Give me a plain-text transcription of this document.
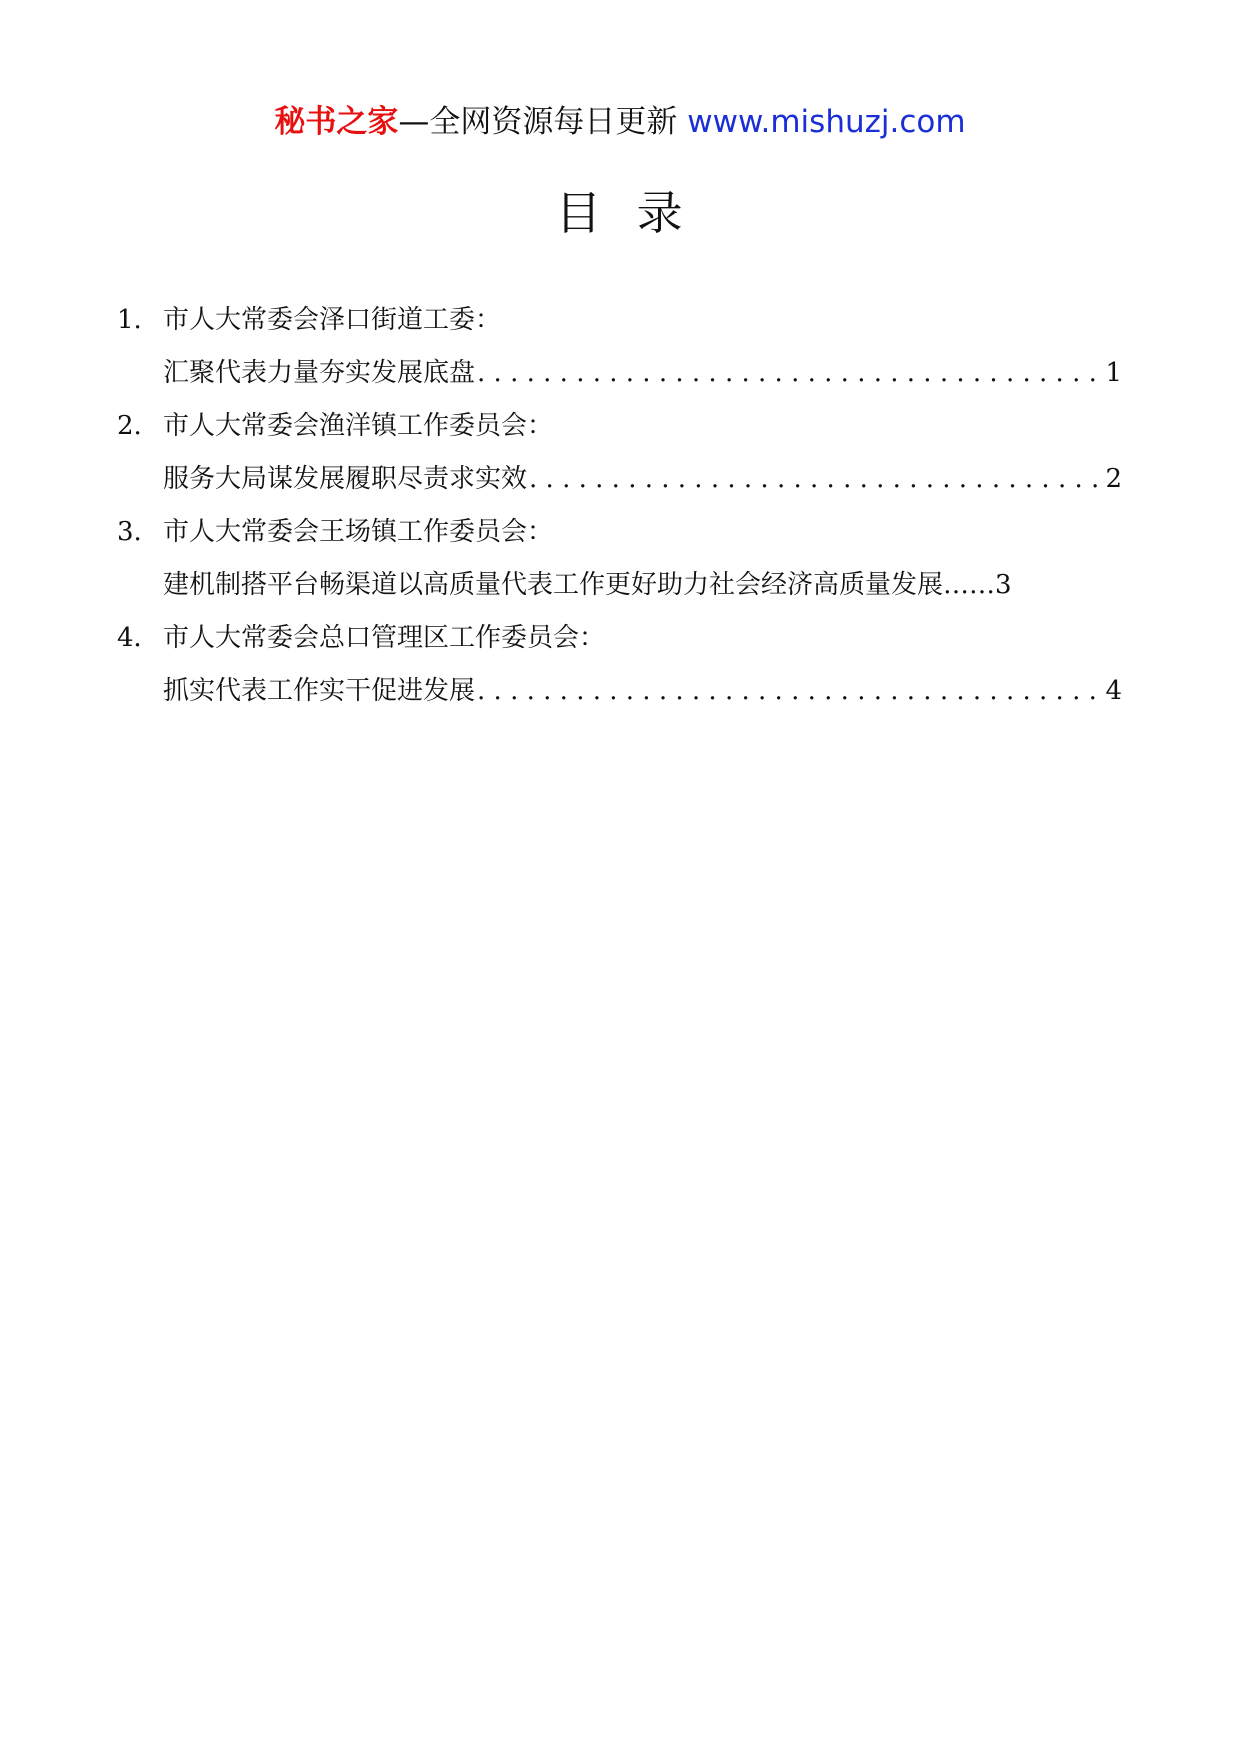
秘书之家—全网资源每日更新 www.mishuzj.com
目  录
1. 市人大常委会泽口街道工委：
汇聚代表力量夯实发展底盘 . . .	1
2. 市人大常委会渔洋镇工作委员会：
服务大局谋发展履职尽责求实效 . . .	2
3. 市人大常委会王场镇工作委员会：
建机制搭平台畅渠道以高质量代表工作更好助力社会经济高质量发展 …… 3
4． 市人大常委会总口管理区工作委员会：
抓实代表工作实干促进发展 . . .	4
